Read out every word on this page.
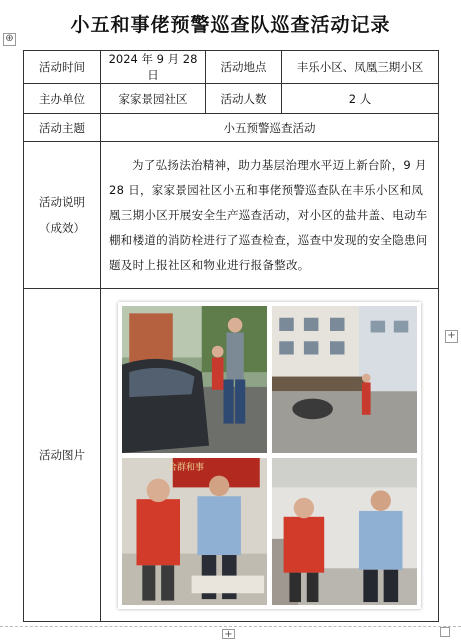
⊕
小五和事佬预警巡查队巡查活动记录
活动时间	2024 年 9 月 28 日	活动地点	丰乐小区、凤凰三期小区
主办单位	家家景园社区	活动人数	2 人
活动主题	小五预警巡查活动		

活动说明
（成效）	为了弘扬法治精神，助力基层治理水平迈上新台阶，9 月 28 日，家家景园社区小五和事佬预警巡查队在丰乐小区和凤凰三期小区开展安全生产巡查活动，对小区的盐井盖、电动车棚和楼道的消防栓进行了巡查检查，巡查中发现的安全隐患问题及时上报社区和物业进行报备整改。		
活动图片	合群和事		
+
+
